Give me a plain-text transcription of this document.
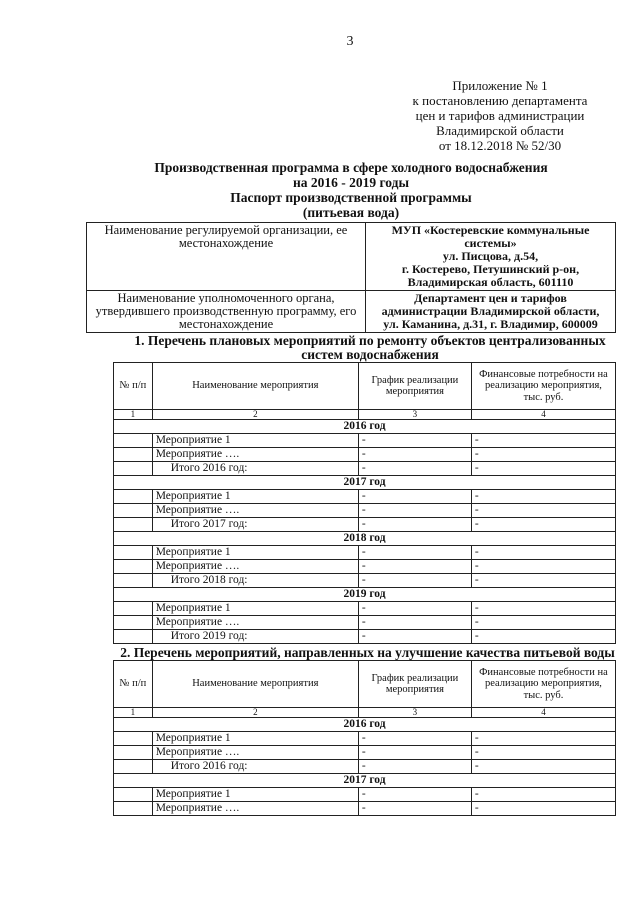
3
Приложение № 1
к постановлению департамента
цен и тарифов администрации
Владимирской области
от 18.12.2018 № 52/30
Производственная программа в сфере холодного водоснабжения
на 2016 - 2019 годы
Паспорт производственной программы
(питьевая вода)
Наименование регулируемой организации, ее местонахождение	МУП «Костеревские коммунальные системы»
ул. Писцова, д.54,
г. Костерево, Петушинский р-он,
Владимирская область, 601110

Наименование уполномоченного органа, утвердившего производственную программу, его местонахождение	Департамент цен и тарифов
администрации Владимирской области,
ул. Каманина, д.31, г. Владимир, 600009
1. Перечень плановых мероприятий по ремонту объектов централизованных
систем водоснабжения
№ п/п	Наименование мероприятия	График реализации мероприятия	Финансовые потребности на реализацию мероприятия, тыс. руб.
1	2	3	4
2016 год			
	Мероприятие 1	-	-
	Мероприятие ….	-	-
	Итого 2016 год:	-	-
2017 год			
	Мероприятие 1	-	-
	Мероприятие ….	-	-
	Итого 2017 год:	-	-
2018 год			
	Мероприятие 1	-	-
	Мероприятие ….	-	-
	Итого 2018 год:	-	-
2019 год			
	Мероприятие 1	-	-
	Мероприятие ….	-	-
	Итого 2019 год:	-	-
2. Перечень мероприятий, направленных на улучшение качества питьевой воды
№ п/п	Наименование мероприятия	График реализации мероприятия	Финансовые потребности на реализацию мероприятия, тыс. руб.
1	2	3	4
2016 год			
	Мероприятие 1	-	-
	Мероприятие ….	-	-
	Итого 2016 год:	-	-
2017 год			
	Мероприятие 1	-	-
	Мероприятие ….	-	-
